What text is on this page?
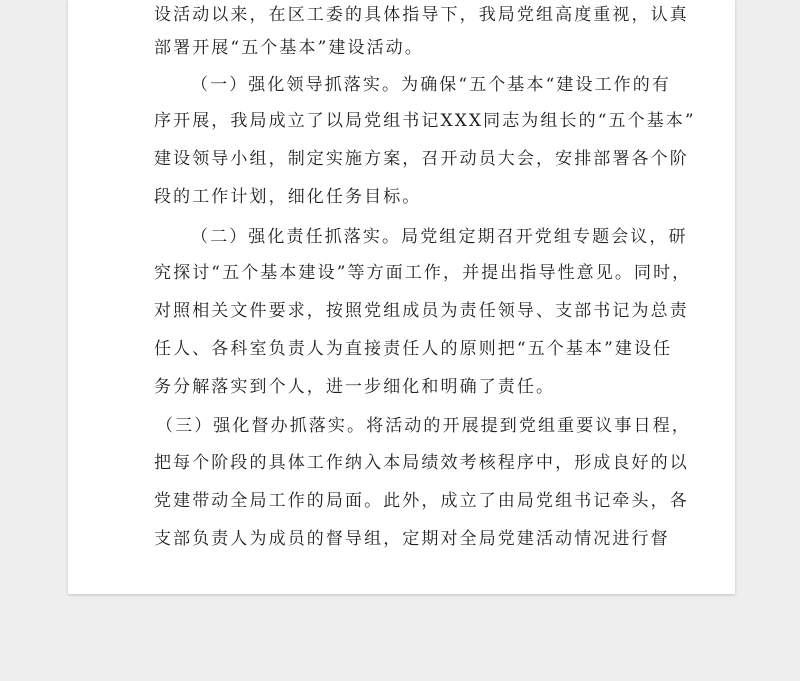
设活动以来，在区工委的具体指导下，我局党组高度重视，认真
部署开展“五个基本”建设活动。
（一）强化领导抓落实。为确保“五个基本“建设工作的有
序开展，我局成立了以局党组书记XXX同志为组长的“五个基本”
建设领导小组，制定实施方案，召开动员大会，安排部署各个阶
段的工作计划，细化任务目标。
（二）强化责任抓落实。局党组定期召开党组专题会议，研
究探讨“五个基本建设”等方面工作，并提出指导性意见。同时，
对照相关文件要求，按照党组成员为责任领导、支部书记为总责
任人、各科室负责人为直接责任人的原则把“五个基本”建设任
务分解落实到个人，进一步细化和明确了责任。
（三）强化督办抓落实。将活动的开展提到党组重要议事日程，
把每个阶段的具体工作纳入本局绩效考核程序中，形成良好的以
党建带动全局工作的局面。此外，成立了由局党组书记牵头，各
支部负责人为成员的督导组，定期对全局党建活动情况进行督
